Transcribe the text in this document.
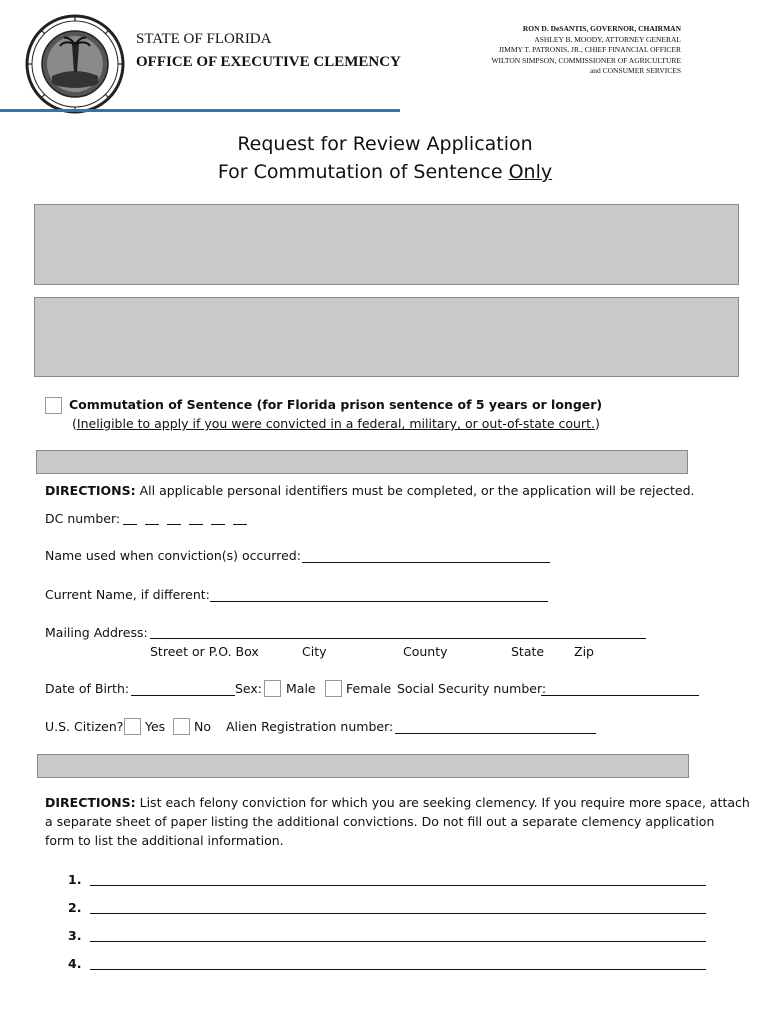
STATE OF FLORIDA
OFFICE OF EXECUTIVE CLEMENCY
RON D. DeSANTIS, GOVERNOR, CHAIRMAN
ASHLEY B. MOODY, ATTORNEY GENERAL
JIMMY T. PATRONIS, JR., CHIEF FINANCIAL OFFICER
WILTON SIMPSON, COMMISSIONER OF AGRICULTURE
and CONSUMER SERVICES
Request for Review Application
For Commutation of Sentence Only
Commutation of Sentence (for Florida prison sentence of 5 years or longer)
(Ineligible to apply if you were convicted in a federal, military, or out-of-state court.)
DIRECTIONS: All applicable personal identifiers must be completed, or the application will be rejected.
DC number:
Name used when conviction(s) occurred:
Current Name, if different:
Mailing Address:
Street or P.O. Box	City	County	State Zip
Date of Birth:	Sex: Male Female Social Security number:
U.S. Citizen? Yes No Alien Registration number:
DIRECTIONS: List each felony conviction for which you are seeking clemency. If you require more space, attach
a separate sheet of paper listing the additional convictions. Do not fill out a separate clemency application
form to list the additional information.
1.
2.
3.
4.
